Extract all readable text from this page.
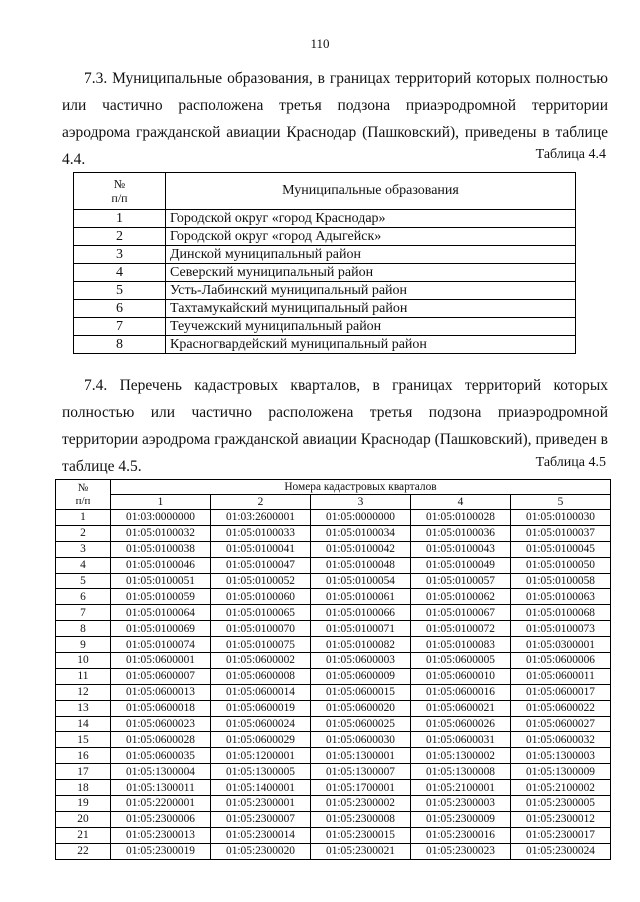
110
7.3. Муниципальные образования, в границах территорий которых полностью
или частично расположена третья подзона приаэродромной территории аэродрома гражданской авиации Краснодар (Пашковский), приведены в таблице 4.4.	Таблица 4.4
№
п/п	Муниципальные образования
1	Городской округ «город Краснодар»
2	Городской округ «город Адыгейск»
3	Динской муниципальный район
4	Северский муниципальный район
5	Усть-Лабинский муниципальный район
6	Тахтамукайский муниципальный район
7	Теучежский муниципальный район
8	Красногвардейский муниципальный район
7.4. Перечень кадастровых кварталов, в границах территорий которых
полностью или частично расположена третья подзона приаэродромной территории аэродрома гражданской авиации Краснодар (Пашковский), приведен в таблице 4.5.	Таблица 4.5
№
п/п	Номера кадастровых кварталов				
	1	2	3	4	5
1	01:03:0000000	01:03:2600001	01:05:0000000	01:05:0100028	01:05:0100030
2	01:05:0100032	01:05:0100033	01:05:0100034	01:05:0100036	01:05:0100037
3	01:05:0100038	01:05:0100041	01:05:0100042	01:05:0100043	01:05:0100045
4	01:05:0100046	01:05:0100047	01:05:0100048	01:05:0100049	01:05:0100050
5	01:05:0100051	01:05:0100052	01:05:0100054	01:05:0100057	01:05:0100058
6	01:05:0100059	01:05:0100060	01:05:0100061	01:05:0100062	01:05:0100063
7	01:05:0100064	01:05:0100065	01:05:0100066	01:05:0100067	01:05:0100068
8	01:05:0100069	01:05:0100070	01:05:0100071	01:05:0100072	01:05:0100073
9	01:05:0100074	01:05:0100075	01:05:0100082	01:05:0100083	01:05:0300001
10	01:05:0600001	01:05:0600002	01:05:0600003	01:05:0600005	01:05:0600006
11	01:05:0600007	01:05:0600008	01:05:0600009	01:05:0600010	01:05:0600011
12	01:05:0600013	01:05:0600014	01:05:0600015	01:05:0600016	01:05:0600017
13	01:05:0600018	01:05:0600019	01:05:0600020	01:05:0600021	01:05:0600022
14	01:05:0600023	01:05:0600024	01:05:0600025	01:05:0600026	01:05:0600027
15	01:05:0600028	01:05:0600029	01:05:0600030	01:05:0600031	01:05:0600032
16	01:05:0600035	01:05:1200001	01:05:1300001	01:05:1300002	01:05:1300003
17	01:05:1300004	01:05:1300005	01:05:1300007	01:05:1300008	01:05:1300009
18	01:05:1300011	01:05:1400001	01:05:1700001	01:05:2100001	01:05:2100002
19	01:05:2200001	01:05:2300001	01:05:2300002	01:05:2300003	01:05:2300005
20	01:05:2300006	01:05:2300007	01:05:2300008	01:05:2300009	01:05:2300012
21	01:05:2300013	01:05:2300014	01:05:2300015	01:05:2300016	01:05:2300017
22	01:05:2300019	01:05:2300020	01:05:2300021	01:05:2300023	01:05:2300024
